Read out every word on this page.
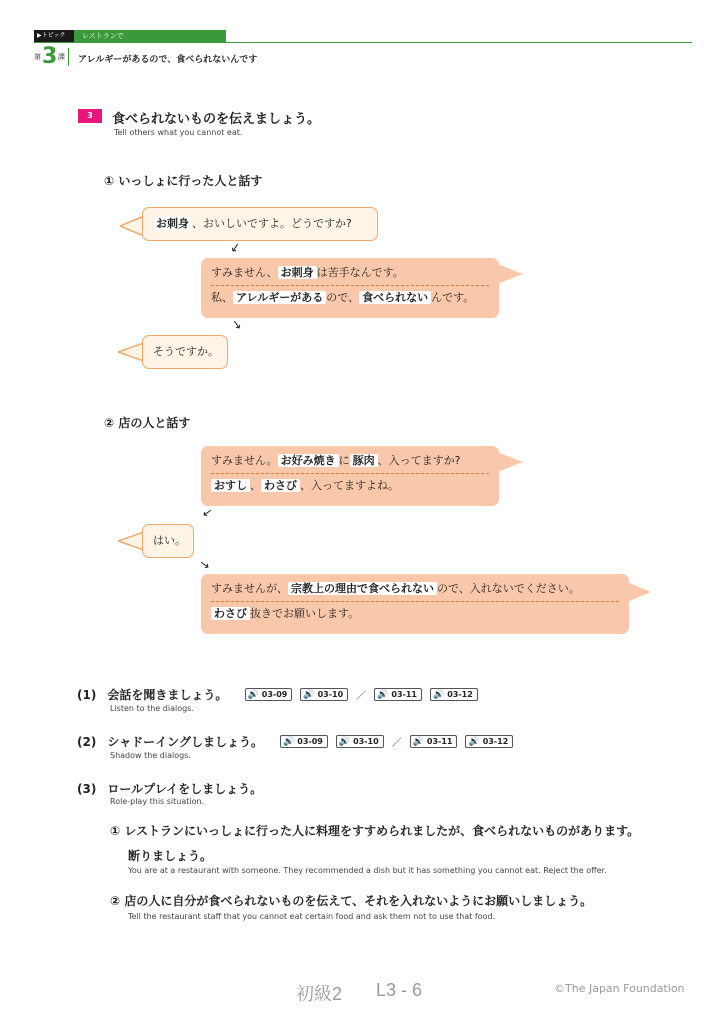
▶トピック	レストランで
第 3 課 アレルギーがあるので、食べられないんです
3	食べられないものを伝えましょう。
Tell others what you cannot eat.
① いっしょに行った人と話す
お刺身 、おいしいですよ。どうですか?
↓
すみません、 お刺身 は苦手なんです。
私、 アレルギーがある ので、 食べられない んです。
↓
そうですか。
② 店の人と話す
すみません。 お好み焼き に 豚肉 、入ってますか?
おすし 、 わさび 、入ってますよね。
↓
はい。
↓
すみませんが、 宗教上の理由で食べられない ので、入れないでください。
わさび 抜きでお願いします。
(1) 会話を聞きましょう。 🔊 03-09 🔊 03-10 ／ 🔊 03-11 🔊 03-12
Listen to the dialogs.
(2) シャドーイングしましょう。 🔊 03-09 🔊 03-10 ／ 🔊 03-11 🔊 03-12
Shadow the dialogs.
(3) ロールプレイをしましょう。
Role-play this situation.
① レストランにいっしょに行った人に料理をすすめられましたが、食べられないものがあります。
断りましょう。
You are at a restaurant with someone. They recommended a dish but it has something you cannot eat. Reject the offer.
② 店の人に自分が食べられないものを伝えて、それを入れないようにお願いしましょう。
Tell the restaurant staff that you cannot eat certain food and ask them not to use that food.
初級2 L3 - 6	©The Japan Foundation
